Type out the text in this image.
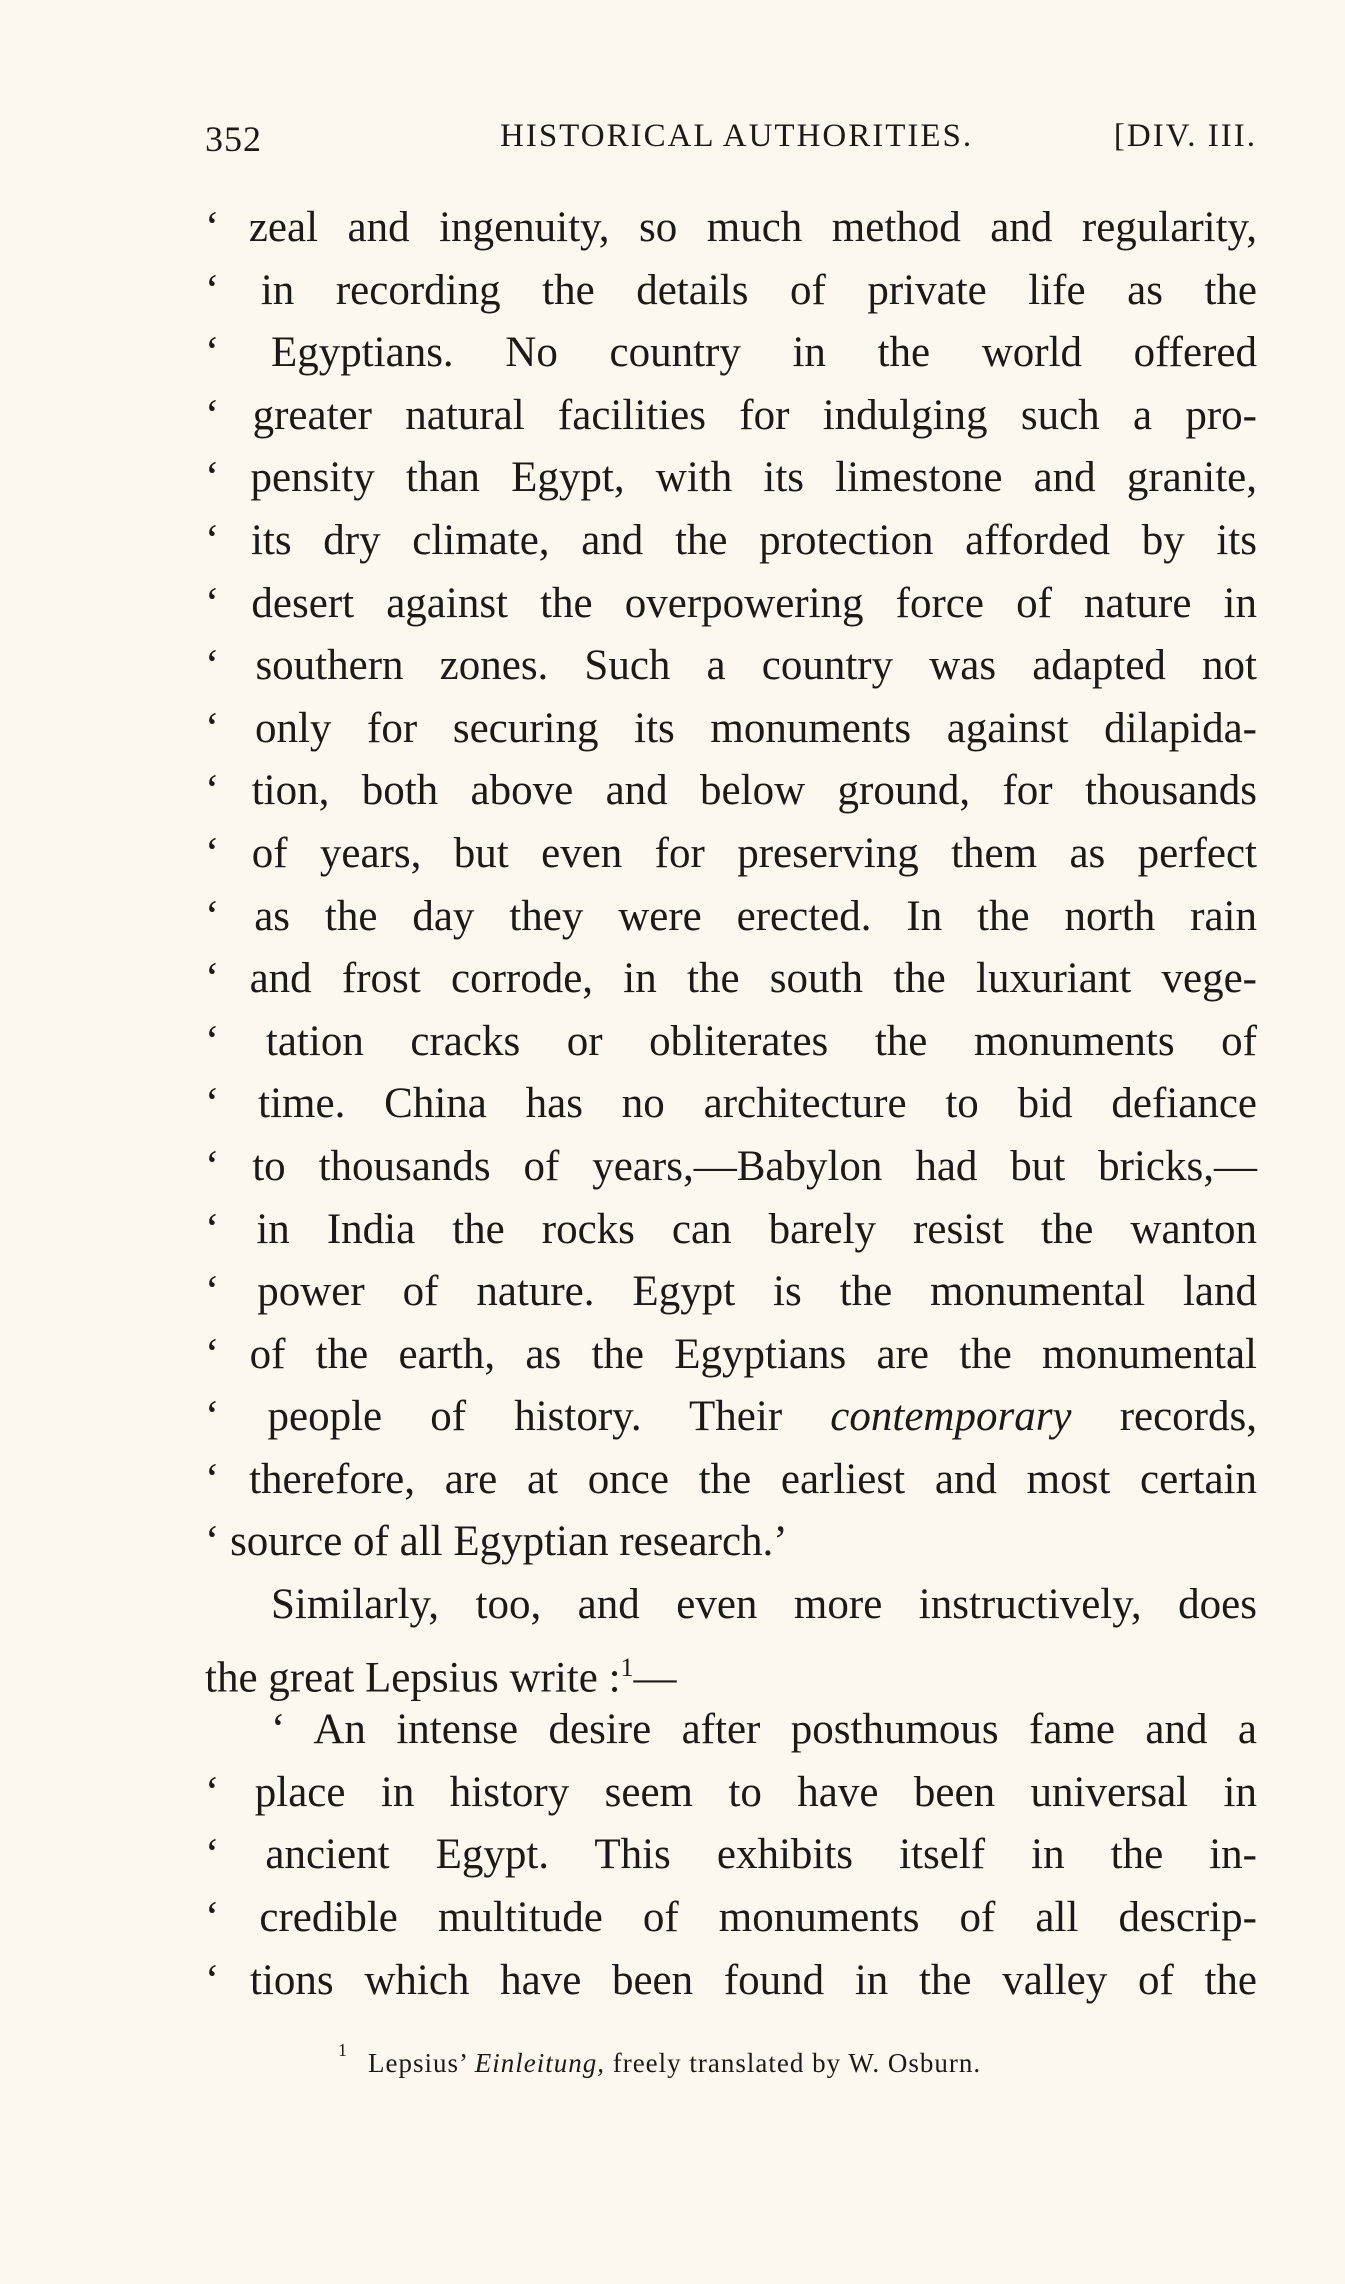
352	HISTORICAL AUTHORITIES.	[DIV. III.
‘ zeal and ingenuity, so much method and regularity,
‘ in recording the details of private life as the
‘ Egyptians. No country in the world offered
‘ greater natural facilities for indulging such a pro-
‘ pensity than Egypt, with its limestone and granite,
‘ its dry climate, and the protection afforded by its
‘ desert against the overpowering force of nature in
‘ southern zones. Such a country was adapted not
‘ only for securing its monuments against dilapida-
‘ tion, both above and below ground, for thousands
‘ of years, but even for preserving them as perfect
‘ as the day they were erected. In the north rain
‘ and frost corrode, in the south the luxuriant vege-
‘ tation cracks or obliterates the monuments of
‘ time. China has no architecture to bid defiance
‘ to thousands of years,—Babylon had but bricks,—
‘ in India the rocks can barely resist the wanton
‘ power of nature. Egypt is the monumental land
‘ of the earth, as the Egyptians are the monumental
‘ people of history. Their contemporary records,
‘ therefore, are at once the earliest and most certain
‘ source of all Egyptian research.’
Similarly, too, and even more instructively, does
the great Lepsius write :$^1$—
‘ An intense desire after posthumous fame and a
‘ place in history seem to have been universal in
‘ ancient Egypt. This exhibits itself in the in-
‘ credible multitude of monuments of all descrip-
‘ tions which have been found in the valley of the
$^1$ Lepsius’ Einleitung, freely translated by W. Osburn.
